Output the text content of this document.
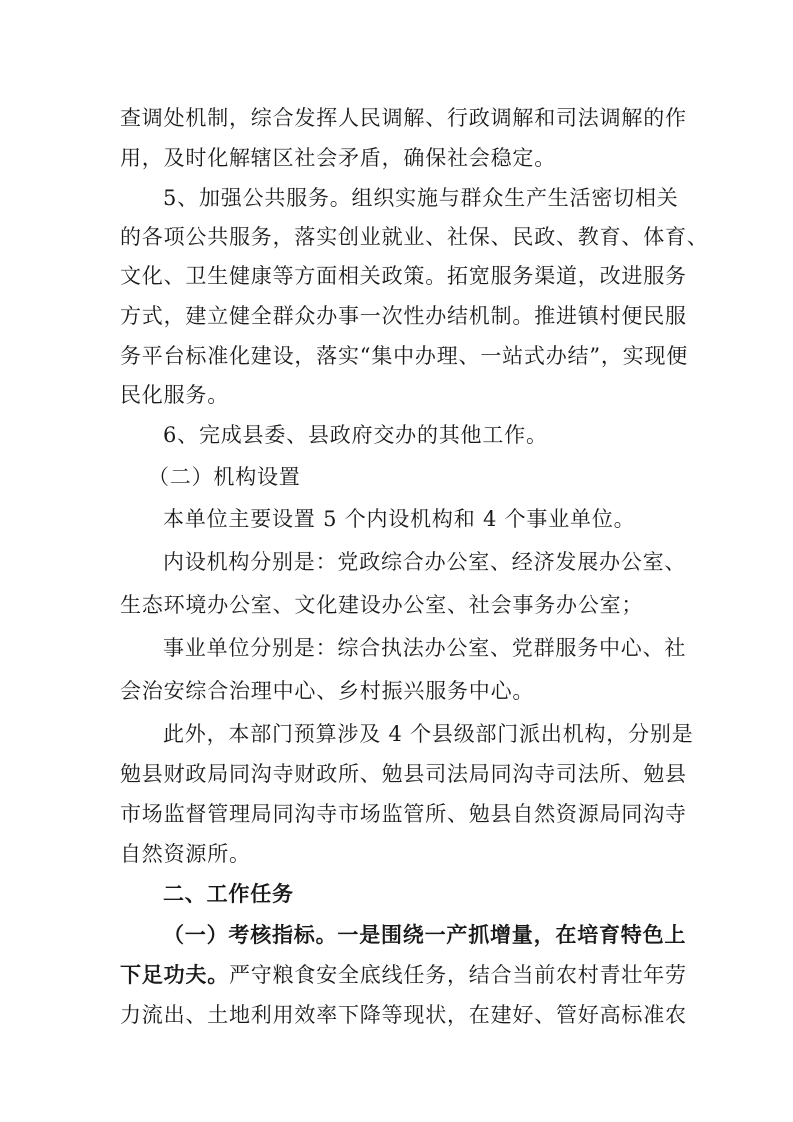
查调处机制，综合发挥人民调解、行政调解和司法调解的作
用，及时化解辖区社会矛盾，确保社会稳定。
5、加强公共服务。组织实施与群众生产生活密切相关
的各项公共服务，落实创业就业、社保、民政、教育、体育、
文化、卫生健康等方面相关政策。拓宽服务渠道，改进服务
方式，建立健全群众办事一次性办结机制。推进镇村便民服
务平台标准化建设，落实“集中办理、一站式办结”，实现便
民化服务。
6、完成县委、县政府交办的其他工作。
（二）机构设置
本单位主要设置 5 个内设机构和 4 个事业单位。
内设机构分别是：党政综合办公室、经济发展办公室、
生态环境办公室、文化建设办公室、社会事务办公室；
事业单位分别是：综合执法办公室、党群服务中心、社
会治安综合治理中心、乡村振兴服务中心。
此外，本部门预算涉及 4 个县级部门派出机构，分别是
勉县财政局同沟寺财政所、勉县司法局同沟寺司法所、勉县
市场监督管理局同沟寺市场监管所、勉县自然资源局同沟寺
自然资源所。
二、工作任务
（一）考核指标。一是围绕一产抓增量，在培育特色上
下足功夫。严守粮食安全底线任务，结合当前农村青壮年劳
力流出、土地利用效率下降等现状，在建好、管好高标准农
